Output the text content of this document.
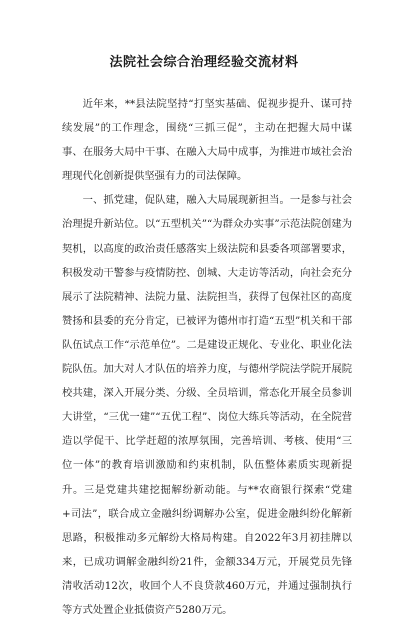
法院社会综合治理经验交流材料

近年来，**县法院坚持“打坚实基础、促视步提升、谋可持续发展”的工作理念，围绕“三抓三促”，主动在把握大局中谋事、在服务大局中干事、在融入大局中成事，为推进市域社会治理现代化创新提供坚强有力的司法保障。

一、抓党建，促队建，融入大局展现新担当。一是参与社会治理提升新站位。以“五型机关”“为群众办实事”示范法院创建为契机，以高度的政治责任感落实上级法院和县委各项部署要求，积极发动干警参与疫情防控、创城、大走访等活动，向社会充分展示了法院精神、法院力量、法院担当，获得了包保社区的高度赞扬和县委的充分肯定，已被评为德州市打造“五型”机关和干部队伍试点工作“示范单位”。二是建设正规化、专业化、职业化法院队伍。加大对人才队伍的培养力度，与德州学院法学院开展院校共建，深入开展分类、分级、全员培训，常态化开展全员参训大讲堂，“三优一建”“五优工程”、岗位大练兵等活动，在全院营造以学促干、比学赶超的浓厚氛围，完善培训、考核、使用“三位一体”的教育培训激励和约束机制，队伍整体素质实现新提升。三是党建共建挖掘解纷新动能。与**农商银行探索“党建+司法”，联合成立金融纠纷调解办公室，促进金融纠纷化解新思路，积极推动多元解纷大格局构建。自2022年3月初挂牌以来，已成功调解金融纠纷21件，金额334万元，开展党员先锋清收活动12次，收回个人不良贷款460万元，并通过强制执行等方式处置企业抵债资产5280万元。
